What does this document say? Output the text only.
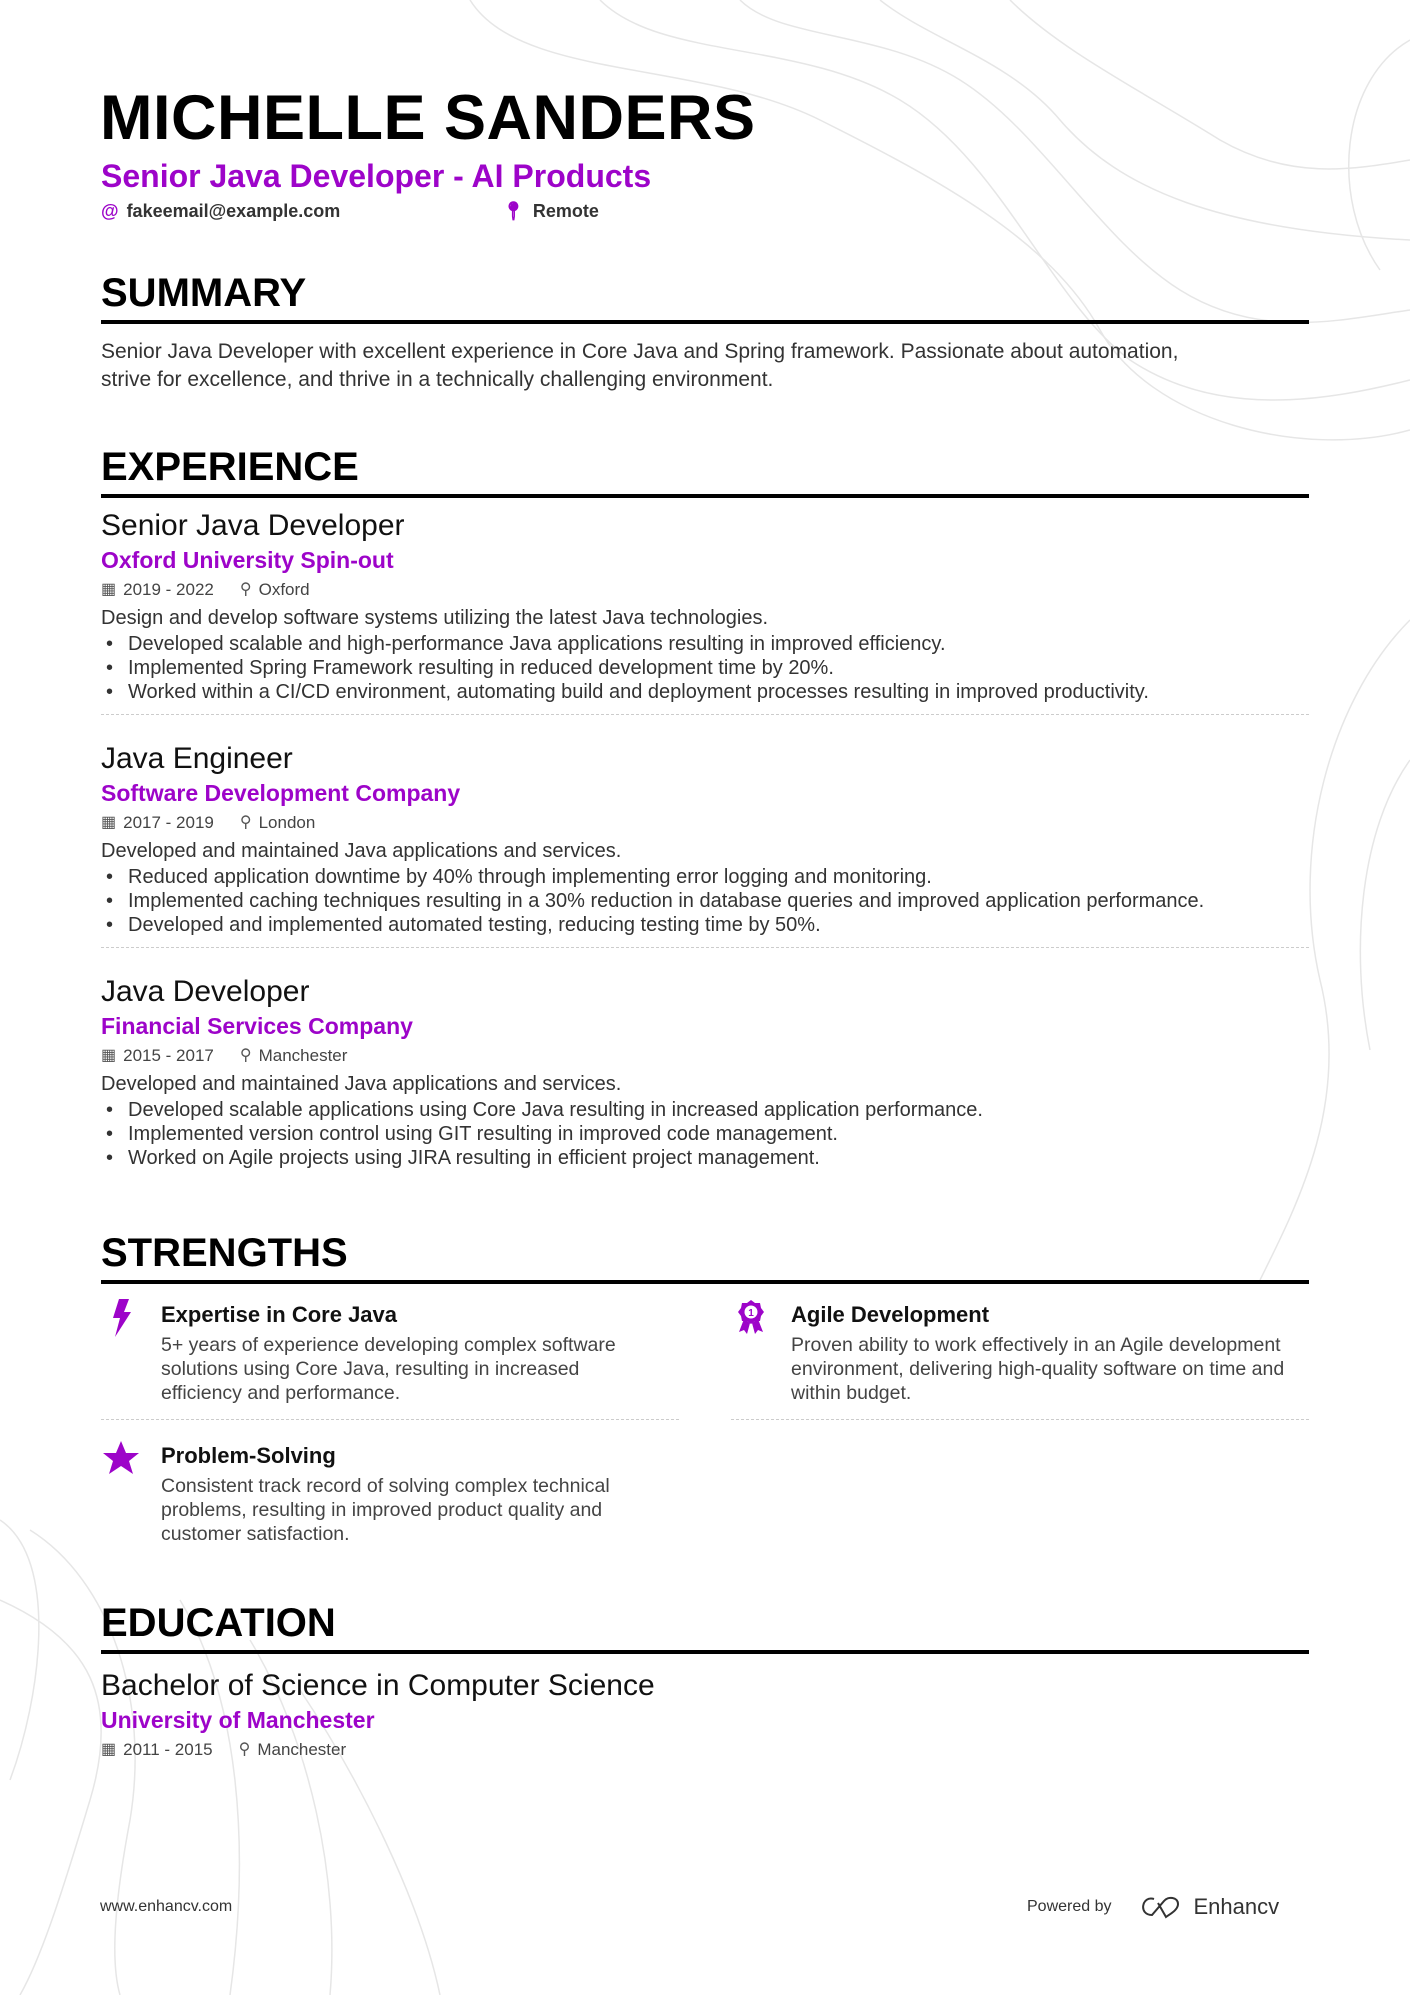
MICHELLE SANDERS
Senior Java Developer - AI Products
@ fakeemail@example.com	📍︎ Remote
SUMMARY

Senior Java Developer with excellent experience in Core Java and Spring framework. Passionate about automation, strive for excellence, and thrive in a technically challenging environment.

EXPERIENCE
Senior Java Developer
Oxford University Spin-out
▦ 2019 - 2022 ⚲ Oxford
Design and develop software systems utilizing the latest Java technologies.
• Developed scalable and high-performance Java applications resulting in improved efficiency.
• Implemented Spring Framework resulting in reduced development time by 20%.
• Worked within a CI/CD environment, automating build and deployment processes resulting in improved productivity.
Java Engineer
Software Development Company
▦ 2017 - 2019 ⚲ London
Developed and maintained Java applications and services.
• Reduced application downtime by 40% through implementing error logging and monitoring.
• Implemented caching techniques resulting in a 30% reduction in database queries and improved application performance.
• Developed and implemented automated testing, reducing testing time by 50%.
Java Developer
Financial Services Company
▦ 2015 - 2017 ⚲ Manchester
Developed and maintained Java applications and services.
• Developed scalable applications using Core Java resulting in increased application performance.
• Implemented version control using GIT resulting in improved code management.
• Worked on Agile projects using JIRA resulting in efficient project management.
STRENGTHS
Expertise in Core Java
5+ years of experience developing complex software solutions using Core Java, resulting in increased efficiency and performance.
1 Agile Development
Proven ability to work effectively in an Agile development environment, delivering high-quality software on time and within budget.
Problem-Solving
Consistent track record of solving complex technical problems, resulting in improved product quality and customer satisfaction.
EDUCATION
Bachelor of Science in Computer Science
University of Manchester
▦ 2011 - 2015 ⚲ Manchester
www.enhancv.com	Powered by	Enhancv
